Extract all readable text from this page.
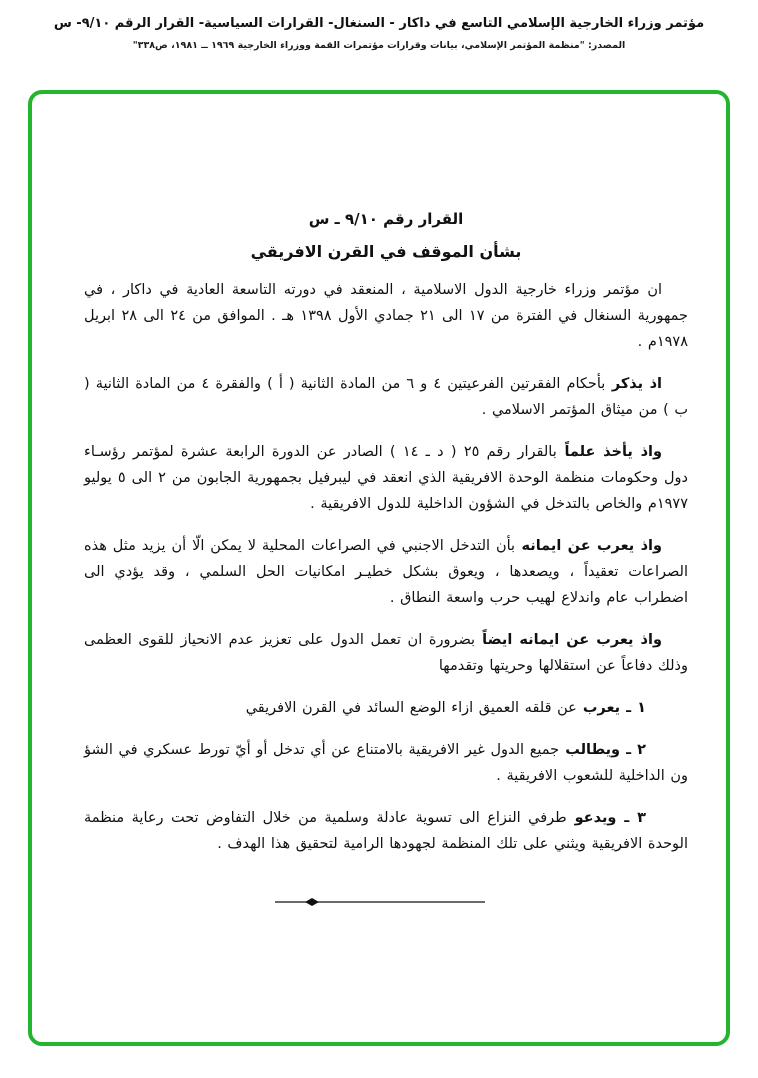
مؤتمر وزراء الخارجية الإسلامي التاسع في داكار - السنغال- القرارات السياسية- القرار الرقم ٩/١٠- س
المصدر: "منظمة المؤتمر الإسلامي، بيانات وقرارات مؤتمرات القمة ووزراء الخارجية ١٩٦٩ ــ ١٩٨١، ص٣٣٨"
القرار رقم ٩/١٠ ـ س
بشأن الموقف في القرن الافريقي

ان مؤتمر وزراء خارجية الدول الاسلامية ، المنعقد في دورته التاسعة العادية في داكار ، في جمهورية السنغال في الفترة من ١٧ الى ٢١ جمادي الأول ١٣٩٨ هـ . الموافق من ٢٤ الى ٢٨ ابريل ١٩٧٨م .

اذ يذكر بأحكام الفقرتين الفرعيتين ٤ و ٦ من المادة الثانية ( أ ) والفقرة ٤ من المادة الثانية ( ب ) من ميثاق المؤتمر الاسلامي .

واذ يأخذ علماً بالقرار رقم ٢٥ ( د ـ ١٤ ) الصادر عن الدورة الرابعة عشرة لمؤتمر رؤسـاء دول وحكومات منظمة الوحدة الافريقية الذي انعقد في ليبرفيل بجمهورية الجابون من ٢ الى ٥ يوليو ١٩٧٧م والخاص بالتدخل في الشؤون الداخلية للدول الافريقية .

واذ يعرب عن ايمانه بأن التدخل الاجنبي في الصراعات المحلية لا يمكن الّا أن يزيد مثل هذه الصراعات تعقيداً ، ويصعدها ، ويعوق بشكل خطيـر امكانيات الحل السلمي ، وقد يؤدي الى اضطراب عام واندلاع لهيب حرب واسعة النطاق .

واذ يعرب عن ايمانه ايضاً بضرورة ان تعمل الدول على تعزيز عدم الانحياز للقوى العظمى وذلك دفاعاً عن استقلالها وحريتها وتقدمها

١ ـ يعرب عن قلقه العميق ازاء الوضع السائد في القرن الافريقي

٢ ـ ويطالب جميع الدول غير الافريقية بالامتناع عن أي تدخل أو أيّ تورط عسكري في الشؤ ون الداخلية للشعوب الافريقية .

٣ ـ ويدعو طرفي النزاع الى تسوية عادلة وسلمية من خلال التفاوض تحت رعاية منظمة الوحدة الافريقية ويثني على تلك المنظمة لجهودها الرامية لتحقيق هذا الهدف .
